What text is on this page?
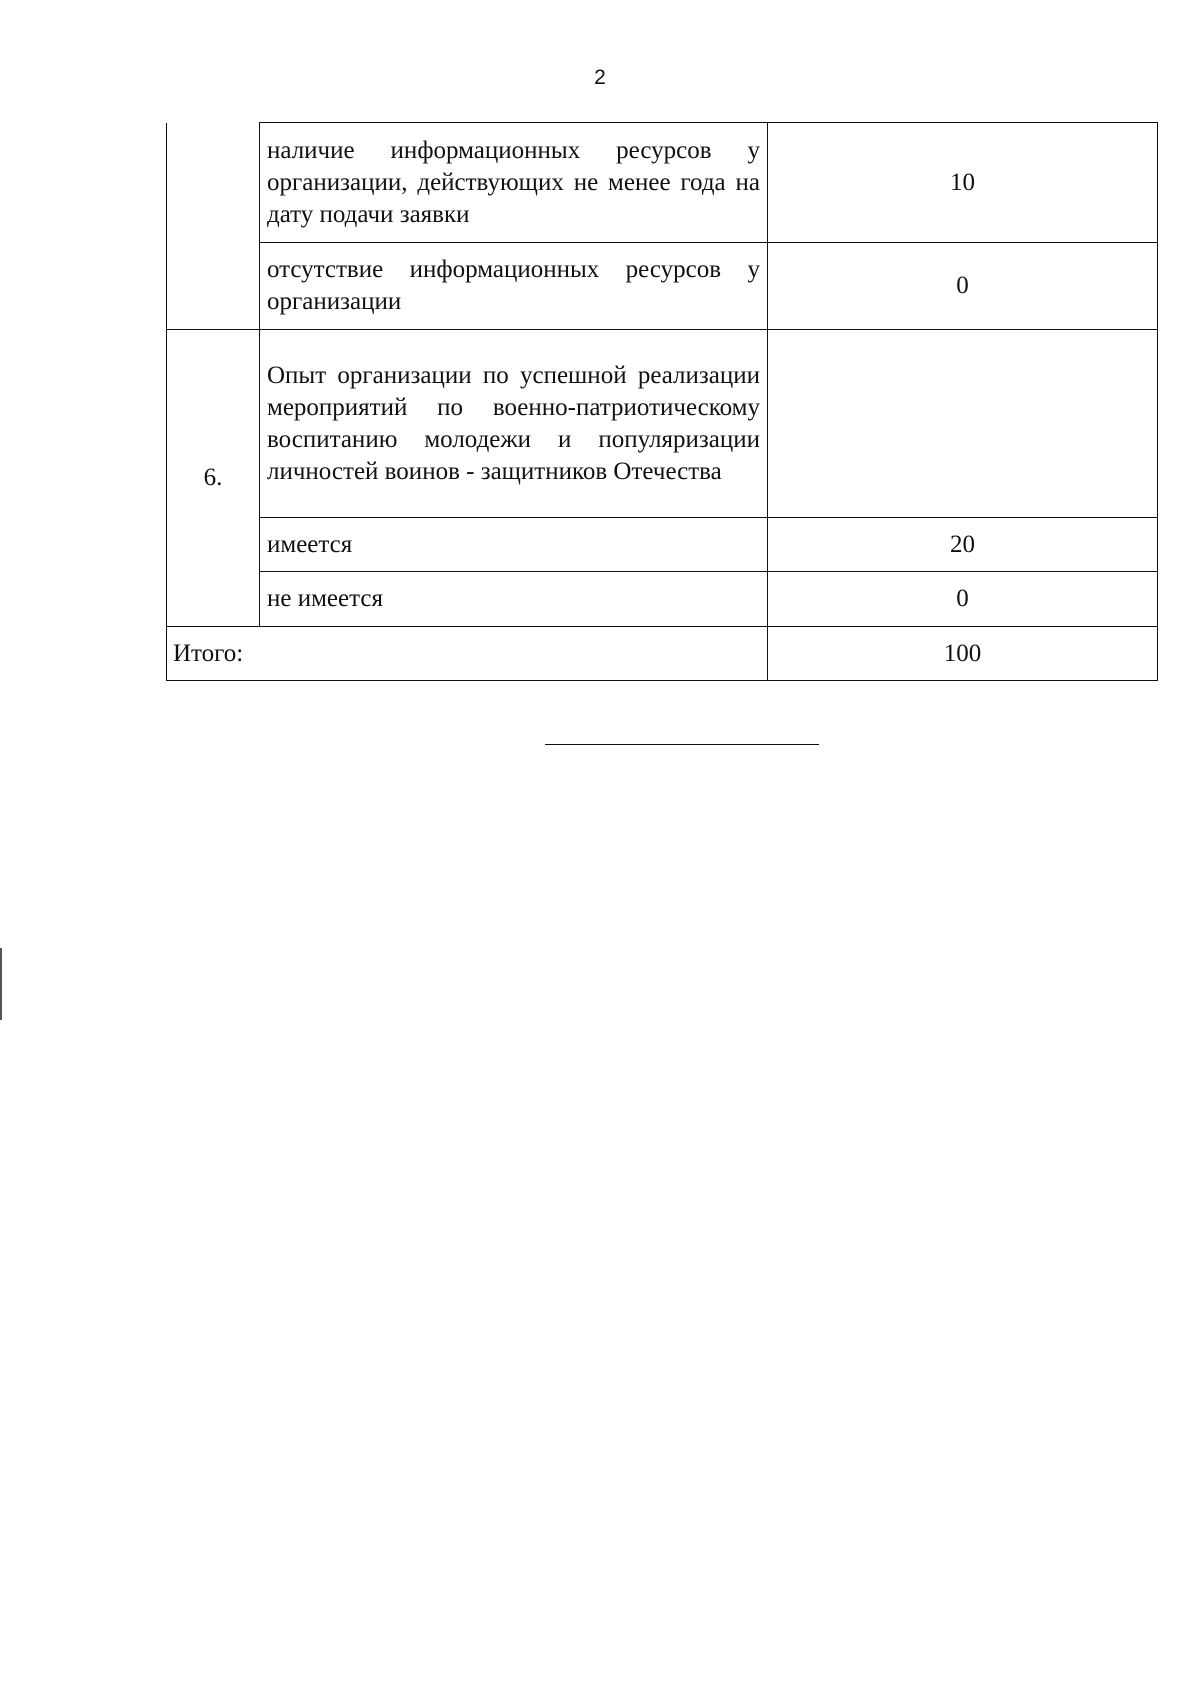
2
	наличие информационных ресурсов у организации, действующих не менее года на дату подачи заявки	10
	отсутствие информационных ресурсов у организации	0
6.	Опыт организации по успешной реализации мероприятий по военно-патриотическому воспитанию молодежи и популяризации личностей воинов - защитников Отечества	
	имеется	20
	не имеется	0
Итого:		100
